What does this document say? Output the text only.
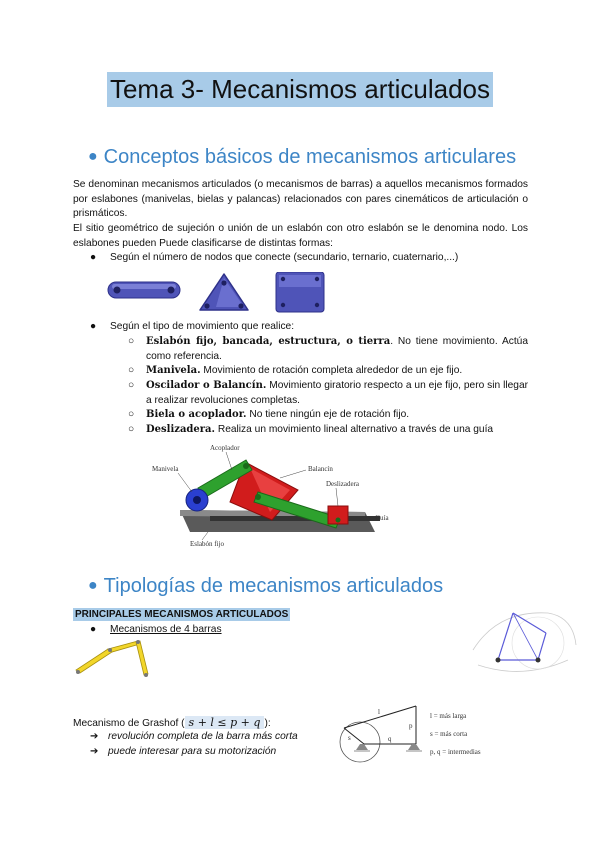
Tema 3- Mecanismos articulados
● Conceptos básicos de mecanismos articulares
Se denominan mecanismos articulados (o mecanismos de barras) a aquellos mecanismos formados por eslabones (manivelas, bielas y palancas) relacionados con pares cinemáticos de articulación o prismáticos.
El sitio geométrico de sujeción o unión de un eslabón con otro eslabón se le denomina nodo. Los eslabones pueden Puede clasificarse de distintas formas:
● Según el número de nodos que conecte (secundario, ternario, cuaternario,...)
● Según el tipo de movimiento que realice:
○	Eslabón fijo, bancada, estructura, o tierra. No tiene movimiento. Actúa como referencia.
○	Manivela. Movimiento de rotación completa alrededor de un eje fijo.
○	Oscilador o Balancín. Movimiento giratorio respecto a un eje fijo, pero sin llegar a realizar revoluciones completas.
○	Biela o acoplador. No tiene ningún eje de rotación fijo.
○	Deslizadera. Realiza un movimiento lineal alternativo a través de una guía
Acoplador
Manivela	Balancín
Deslizadera
Guía
Eslabón fijo
● Tipologías de mecanismos articulados
PRINCIPALES MECANISMOS ARTICULADOS
● Mecanismos de 4 barras
Mecanismo de Grashof ( s + l ≤ p + q ):
➔ revolución completa de la barra más corta
➔ puede interesar para su motorización
l
s
p
q
l = más larga
s = más corta
p, q = intermedias
